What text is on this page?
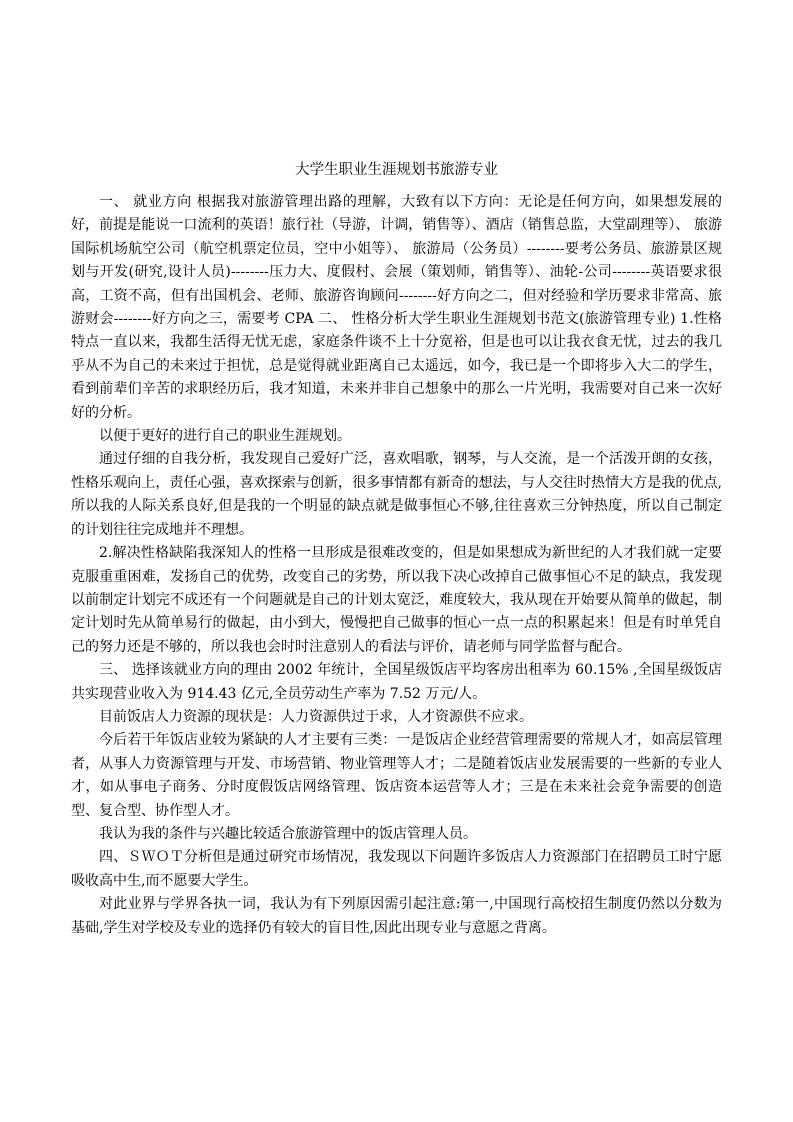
大学生职业生涯规划书旅游专业

一、 就业方向 根据我对旅游管理出路的理解，大致有以下方向：无论是任何方向，如果想发展的好，前提是能说一口流利的英语！旅行社（导游，计调，销售等）、酒店（销售总监，大堂副理等）、 旅游国际机场航空公司（航空机票定位员，空中小姐等）、 旅游局（公务员）--------要考公务员、旅游景区规划与开发(研究,设计人员)--------压力大、度假村、会展（策划师，销售等）、油轮-公司--------英语要求很高，工资不高，但有出国机会、老师、旅游咨询顾问--------好方向之二，但对经验和学历要求非常高、旅游财会--------好方向之三，需要考 CPA 二、 性格分析大学生职业生涯规划书范文(旅游管理专业) 1.性格特点一直以来，我都生活得无忧无虑，家庭条件谈不上十分宽裕，但是也可以让我衣食无忧，过去的我几乎从不为自己的未来过于担忧，总是觉得就业距离自己太遥远，如今，我已是一个即将步入大二的学生，看到前辈们辛苦的求职经历后，我才知道，未来并非自己想象中的那么一片光明，我需要对自己来一次好好的分析。

以便于更好的进行自己的职业生涯规划。

通过仔细的自我分析，我发现自己爱好广泛，喜欢唱歌，钢琴，与人交流，是一个活泼开朗的女孩，性格乐观向上，责任心强，喜欢探索与创新，很多事情都有新奇的想法，与人交往时热情大方是我的优点,所以我的人际关系良好,但是我的一个明显的缺点就是做事恒心不够,往往喜欢三分钟热度，所以自己制定的计划往往完成地并不理想。

2.解决性格缺陷我深知人的性格一旦形成是很难改变的，但是如果想成为新世纪的人才我们就一定要克服重重困难，发扬自己的优势，改变自己的劣势，所以我下决心改掉自己做事恒心不足的缺点，我发现以前制定计划完不成还有一个问题就是自己的计划太宽泛，难度较大，我从现在开始要从简单的做起，制定计划时先从简单易行的做起，由小到大，慢慢把自己做事的恒心一点一点的积累起来！但是有时单凭自己的努力还是不够的，所以我也会时时注意别人的看法与评价，请老师与同学监督与配合。

三、 选择该就业方向的理由 2002 年统计，全国星级饭店平均客房出租率为 60.15% ,全国星级饭店共实现营业收入为 914.43 亿元,全员劳动生产率为 7.52 万元/人。

目前饭店人力资源的现状是：人力资源供过于求，人才资源供不应求。

今后若干年饭店业较为紧缺的人才主要有三类：一是饭店企业经营管理需要的常规人才，如高层管理者，从事人力资源管理与开发、市场营销、物业管理等人才；二是随着饭店业发展需要的一些新的专业人才，如从事电子商务、分时度假饭店网络管理、饭店资本运营等人才；三是在未来社会竞争需要的创造型、复合型、协作型人才。

我认为我的条件与兴趣比较适合旅游管理中的饭店管理人员。

四、ＳＷＯＴ分析但是通过研究市场情况，我发现以下问题许多饭店人力资源部门在招聘员工时宁愿吸收高中生,而不愿要大学生。

对此业界与学界各执一词，我认为有下列原因需引起注意:第一,中国现行高校招生制度仍然以分数为基础,学生对学校及专业的选择仍有较大的盲目性,因此出现专业与意愿之背离。
